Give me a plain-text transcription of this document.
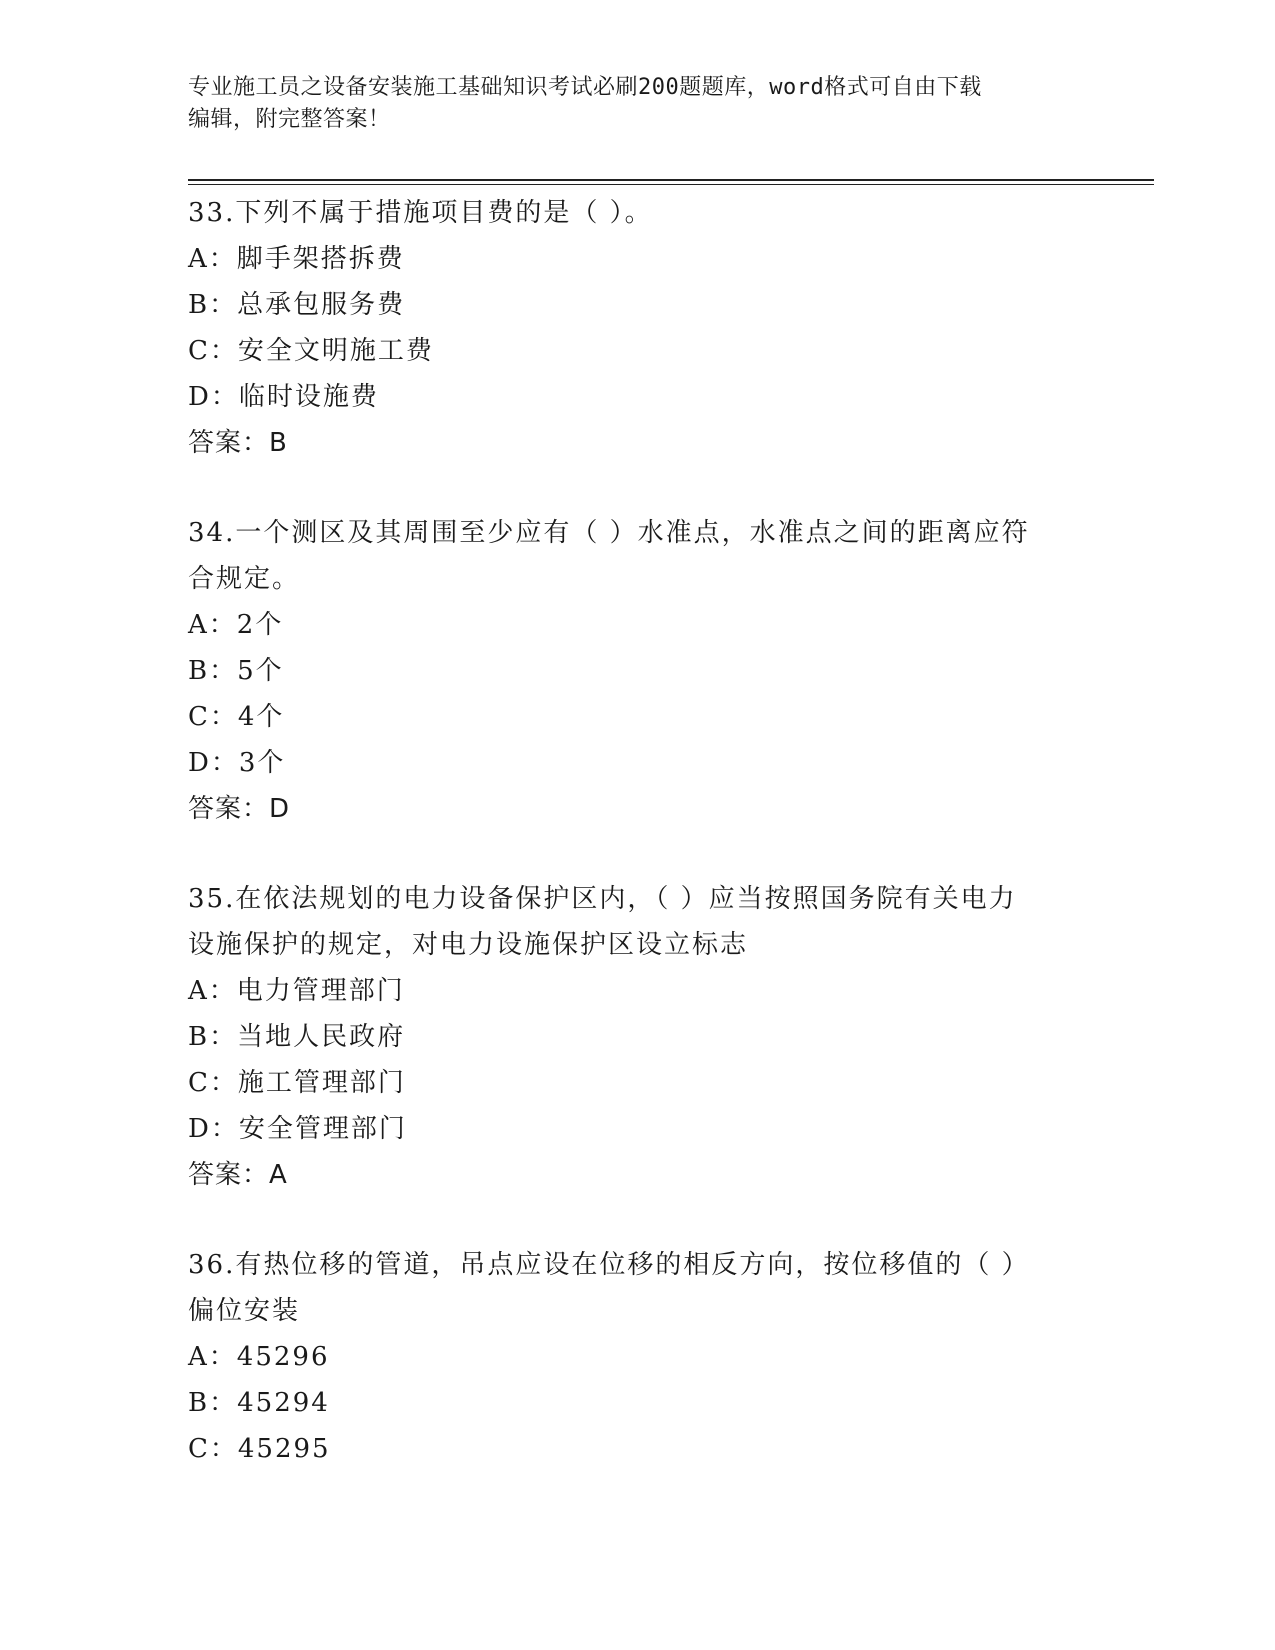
专业施工员之设备安装施工基础知识考试必刷200题题库，word格式可自由下载
编辑，附完整答案！
33.下列不属于措施项目费的是（ ）。
A：脚手架搭拆费
B：总承包服务费
C：安全文明施工费
D：临时设施费
答案：B
34.一个测区及其周围至少应有（ ）水准点，水准点之间的距离应符
合规定。
A：2个
B：5个
C：4个
D：3个
答案：D
35.在依法规划的电力设备保护区内，（ ）应当按照国务院有关电力
设施保护的规定，对电力设施保护区设立标志
A：电力管理部门
B：当地人民政府
C：施工管理部门
D：安全管理部门
答案：A
36.有热位移的管道，吊点应设在位移的相反方向，按位移值的（ ）
偏位安装
A：45296
B：45294
C：45295
